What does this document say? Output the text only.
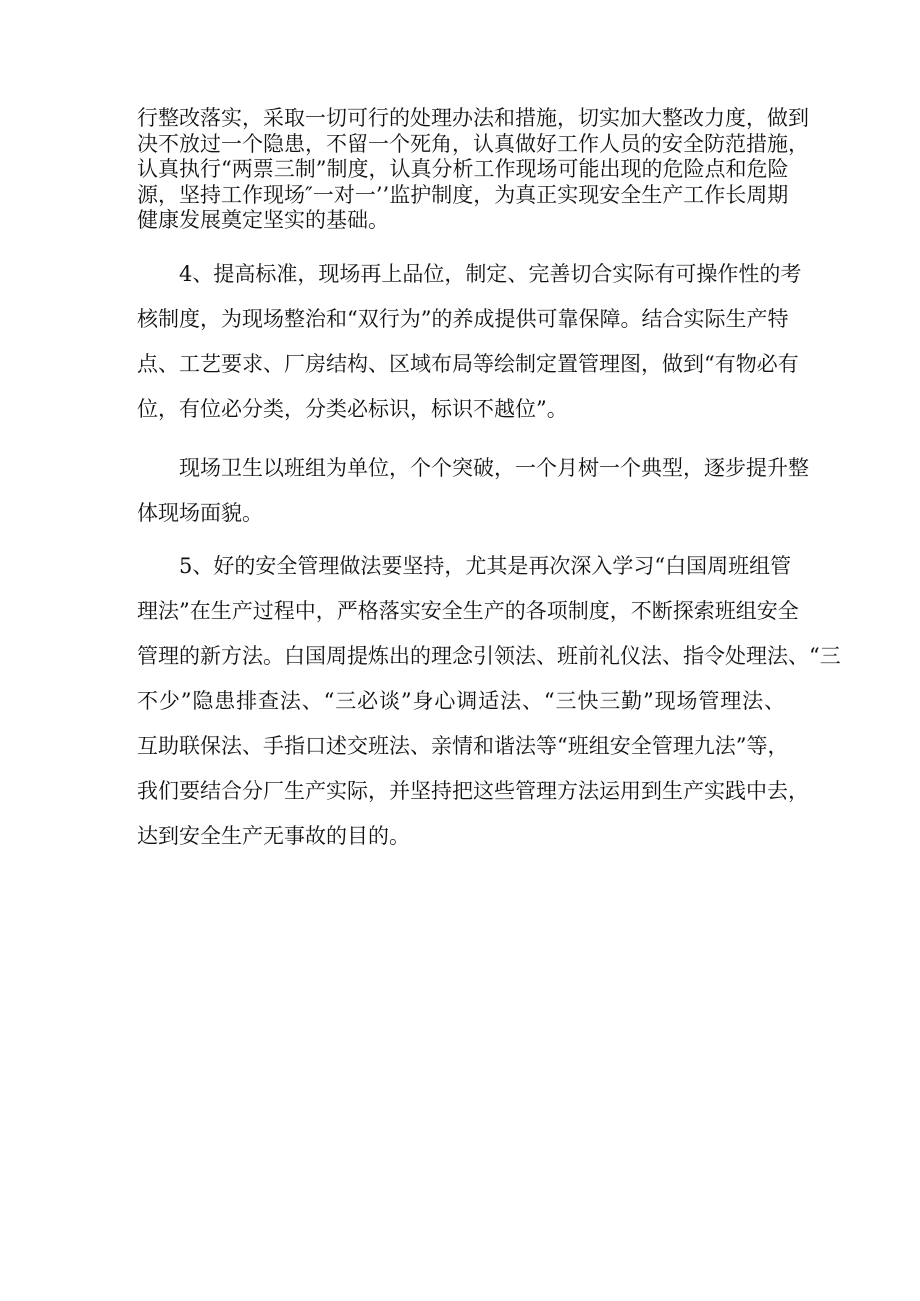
行整改落实，采取一切可行的处理办法和措施，切实加大整改力度，做到
决不放过一个隐患，不留一个死角，认真做好工作人员的安全防范措施，
认真执行“两票三制”制度，认真分析工作现场可能出现的危险点和危险
源，坚持工作现场″一对一’’监护制度，为真正实现安全生产工作长周期
健康发展奠定坚实的基础。
4、提高标准，现场再上品位，制定、完善切合实际有可操作性的考
核制度，为现场整治和“双行为”的养成提供可靠保障。结合实际生产特
点、工艺要求、厂房结构、区域布局等绘制定置管理图，做到“有物必有
位，有位必分类，分类必标识，标识不越位”。
现场卫生以班组为单位，个个突破，一个月树一个典型，逐步提升整
体现场面貌。
5、好的安全管理做法要坚持，尤其是再次深入学习“白国周班组管
理法”在生产过程中，严格落实安全生产的各项制度，不断探索班组安全
管理的新方法。白国周提炼出的理念引领法、班前礼仪法、指令处理法、“三
不少”隐患排查法、“三必谈”身心调适法、“三快三勤”现场管理法、
互助联保法、手指口述交班法、亲情和谐法等“班组安全管理九法”等，
我们要结合分厂生产实际，并坚持把这些管理方法运用到生产实践中去，
达到安全生产无事故的目的。
